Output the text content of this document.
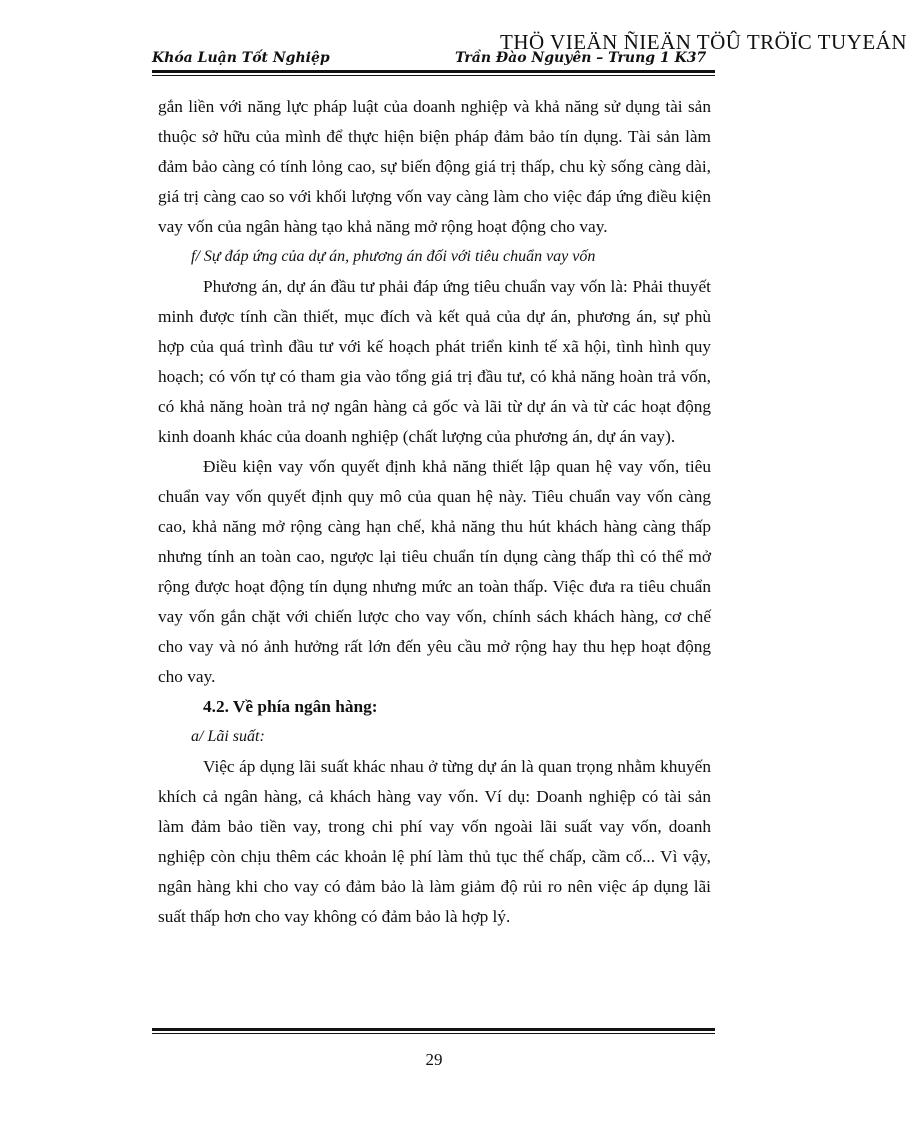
THÖ VIEÄN ÑIEÄN TÖÛ TRÖÏC TUYEÁN
Khóa Luận Tốt Nghiệp	Trần Đào Nguyên – Trung 1 K37

gắn liền với năng lực pháp luật của doanh nghiệp và khả năng sử dụng tài sản thuộc sở hữu của mình để thực hiện biện pháp đảm bảo tín dụng. Tài sản làm đảm bảo càng có tính lỏng cao, sự biến động giá trị thấp, chu kỳ sống càng dài, giá trị càng cao so với khối lượng vốn vay càng làm cho việc đáp ứng điều kiện vay vốn của ngân hàng tạo khả năng mở rộng hoạt động cho vay.

f/ Sự đáp ứng của dự án, phương án đối với tiêu chuẩn vay vốn

Phương án, dự án đầu tư phải đáp ứng tiêu chuẩn vay vốn là: Phải thuyết minh được tính cần thiết, mục đích và kết quả của dự án, phương án, sự phù hợp của quá trình đầu tư với kế hoạch phát triển kinh tế xã hội, tình hình quy hoạch; có vốn tự có tham gia vào tổng giá trị đầu tư, có khả năng hoàn trả vốn, có khả năng hoàn trả nợ ngân hàng cả gốc và lãi từ dự án và từ các hoạt động kinh doanh khác của doanh nghiệp (chất lượng của phương án, dự án vay).

Điều kiện vay vốn quyết định khả năng thiết lập quan hệ vay vốn, tiêu chuẩn vay vốn quyết định quy mô của quan hệ này. Tiêu chuẩn vay vốn càng cao, khả năng mở rộng càng hạn chế, khả năng thu hút khách hàng càng thấp nhưng tính an toàn cao, ngược lại tiêu chuẩn tín dụng càng thấp thì có thể mở rộng được hoạt động tín dụng nhưng mức an toàn thấp. Việc đưa ra tiêu chuẩn vay vốn gắn chặt với chiến lược cho vay vốn, chính sách khách hàng, cơ chế cho vay và nó ảnh hưởng rất lớn đến yêu cầu mở rộng hay thu hẹp hoạt động cho vay.

4.2. Về phía ngân hàng:

a/ Lãi suất:

Việc áp dụng lãi suất khác nhau ở từng dự án là quan trọng nhằm khuyến khích cả ngân hàng, cả khách hàng vay vốn. Ví dụ: Doanh nghiệp có tài sản làm đảm bảo tiền vay, trong chi phí vay vốn ngoài lãi suất vay vốn, doanh nghiệp còn chịu thêm các khoản lệ phí làm thủ tục thế chấp, cầm cố... Vì vậy, ngân hàng khi cho vay có đảm bảo là làm giảm độ rủi ro nên việc áp dụng lãi suất thấp hơn cho vay không có đảm bảo là hợp lý.

29
